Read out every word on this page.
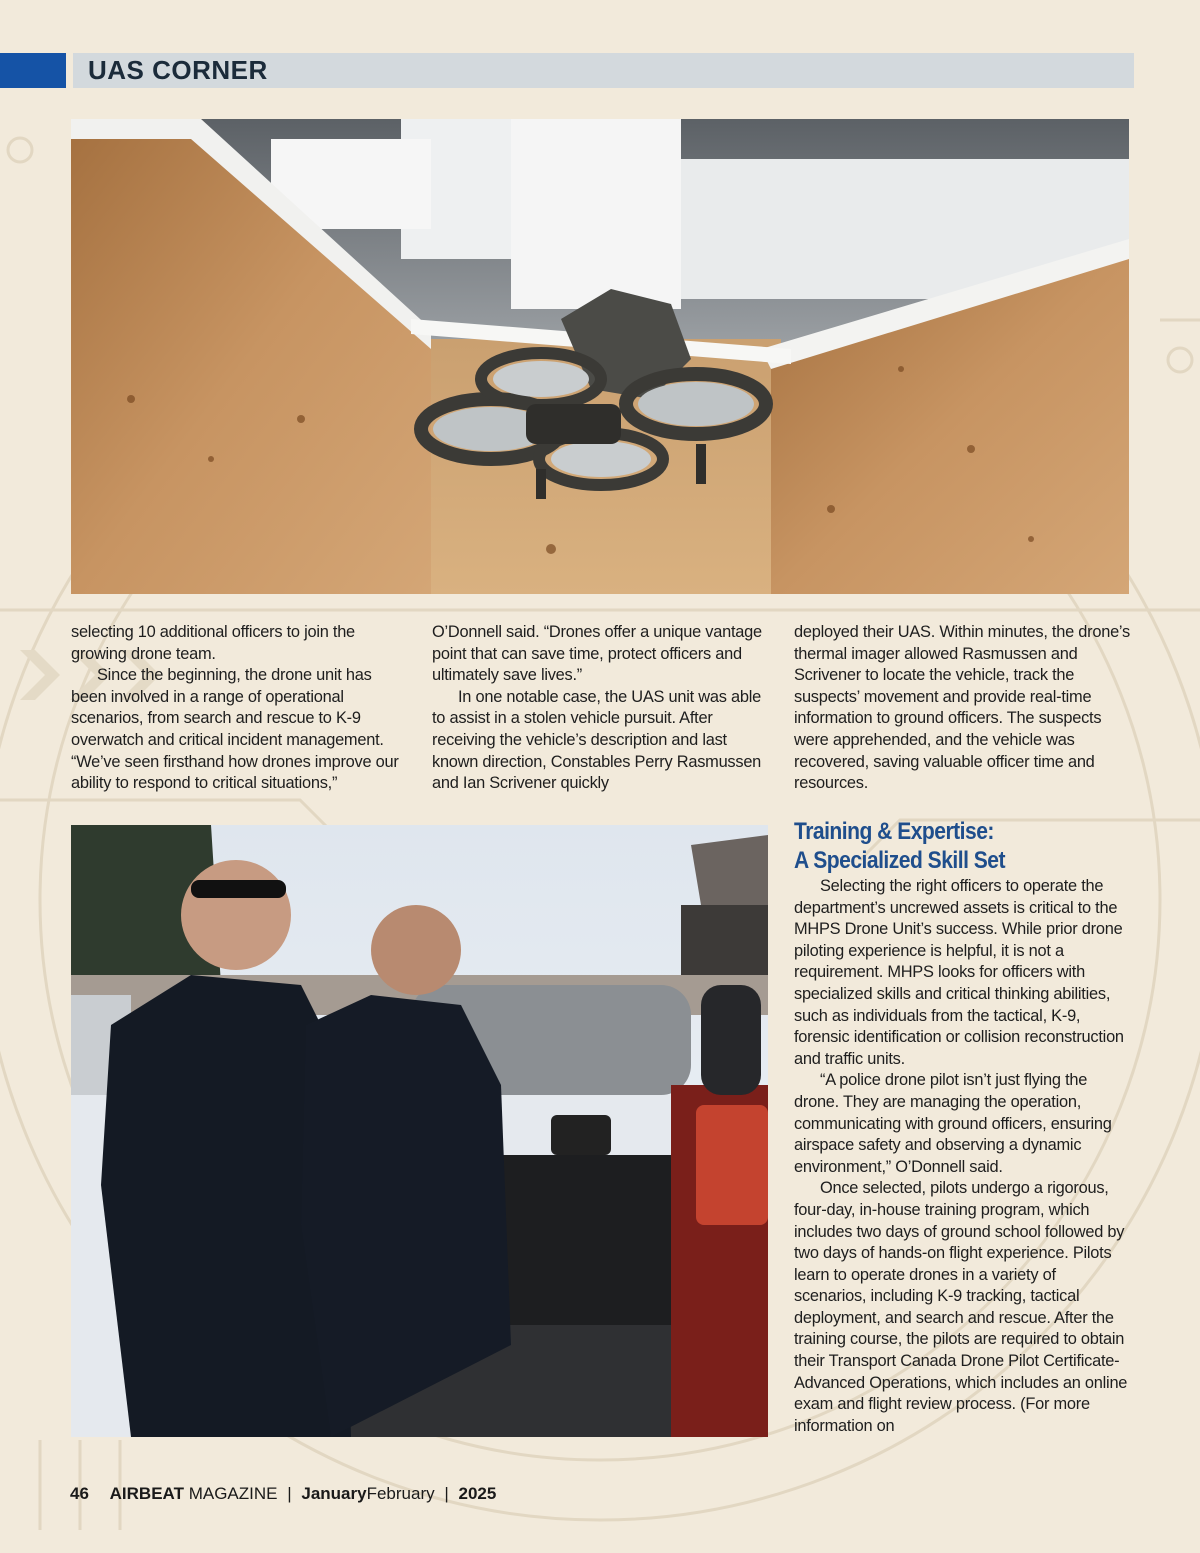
UAS CORNER

selecting 10 additional officers to join the growing drone team.

Since the beginning, the drone unit has been involved in a range of operational scenarios, from search and rescue to K-9 overwatch and critical incident management. “We’ve seen firsthand how drones improve our ability to respond to critical situations,”

O’Donnell said. “Drones offer a unique vantage point that can save time, protect officers and ultimately save lives.”

In one notable case, the UAS unit was able to assist in a stolen vehicle pursuit. After receiving the vehicle’s description and last known direction, Constables Perry Rasmussen and Ian Scrivener quickly

deployed their UAS. Within minutes, the drone’s thermal imager allowed Rasmussen and Scrivener to locate the vehicle, track the suspects’ movement and provide real-time information to ground officers. The suspects were apprehended, and the vehicle was recovered, saving valuable officer time and resources.

Training & Expertise:
A Specialized Skill Set

Selecting the right officers to operate the department’s uncrewed assets is critical to the MHPS Drone Unit’s success. While prior drone piloting experience is helpful, it is not a requirement. MHPS looks for officers with specialized skills and critical thinking abilities, such as individuals from the tactical, K-9, forensic identification or collision reconstruction and traffic units.

“A police drone pilot isn’t just flying the drone. They are managing the operation, communicating with ground officers, ensuring airspace safety and observing a dynamic environment,” O’Donnell said.

Once selected, pilots undergo a rigorous, four-day, in-house training program, which includes two days of ground school followed by two days of hands-on flight experience. Pilots learn to operate drones in a variety of scenarios, including K-9 tracking, tactical deployment, and search and rescue. After the training course, the pilots are required to obtain their Transport Canada Drone Pilot Certificate-Advanced Operations, which includes an online exam and flight review process. (For more information on

46 AIRBEAT MAGAZINE | JanuaryFebruary | 2025
